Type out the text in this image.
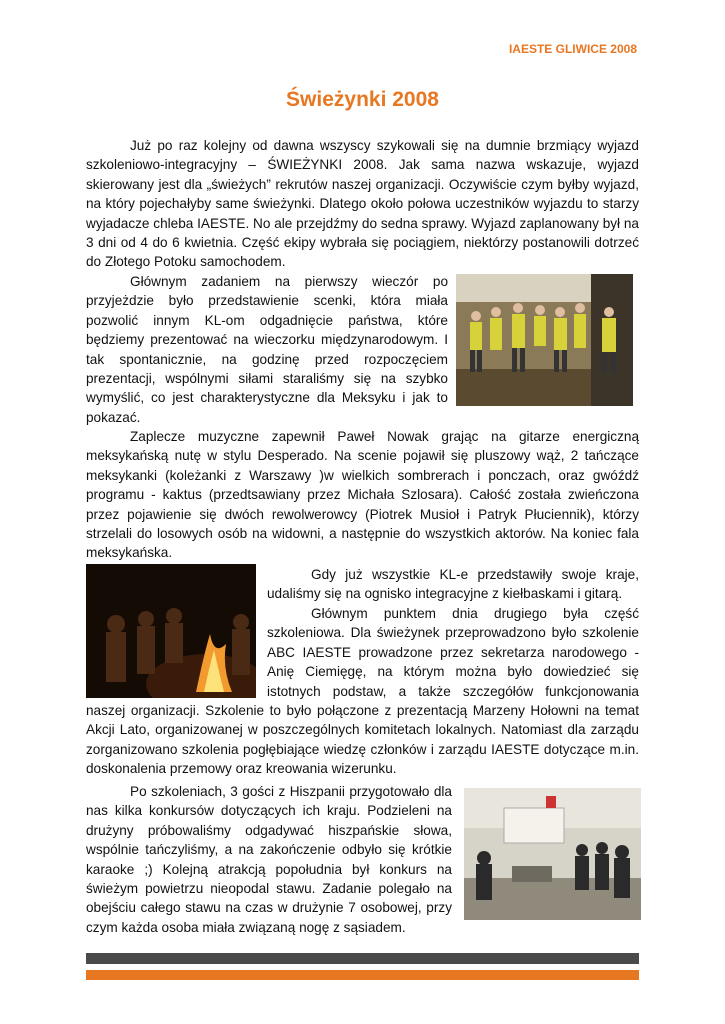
IAESTE GLIWICE 2008
Świeżynki 2008

Już po raz kolejny od dawna wszyscy szykowali się na dumnie brzmiący wyjazd szkoleniowo-integracyjny – ŚWIEŻYNKI 2008. Jak sama nazwa wskazuje, wyjazd skierowany jest dla „świeżych” rekrutów naszej organizacji. Oczywiście czym byłby wyjazd, na który pojechałyby same świeżynki. Dlatego około połowa uczestników wyjazdu to starzy wyjadacze chleba IAESTE. No ale przejdźmy do sedna sprawy. Wyjazd zaplanowany był na 3 dni od 4 do 6 kwietnia. Część ekipy wybrała się pociągiem, niektórzy postanowili dotrzeć do Złotego Potoku samochodem.

Głównym zadaniem na pierwszy wieczór po przyjeżdzie było przedstawienie scenki, która miała pozwolić innym KL-om odgadnięcie państwa, które będziemy prezentować na wieczorku międzynarodowym. I tak spontanicznie, na godzinę przed rozpoczęciem prezentacji, wspólnymi siłami staraliśmy się na szybko wymyślić, co jest charakterystyczne dla Meksyku i jak to pokazać.

Zaplecze muzyczne zapewnił Paweł Nowak grając na gitarze energiczną meksykańską nutę w stylu Desperado. Na scenie pojawił się pluszowy wąż, 2 tańczące meksykanki (koleżanki z Warszawy )w wielkich sombrerach i ponczach, oraz gwóźdź programu - kaktus (przedtsawiany przez Michała Szlosara). Całość została zwieńczona przez pojawienie się dwóch rewolwerowcy (Piotrek Musioł i Patryk Płuciennik), którzy strzelali do losowych osób na widowni, a następnie do wszystkich aktorów. Na koniec fala meksykańska.

Gdy już wszystkie KL-e przedstawiły swoje kraje, udaliśmy się na ognisko integracyjne z kiełbaskami i gitarą.

Głównym punktem dnia drugiego była część szkoleniowa. Dla świeżynek przeprowadzono było szkolenie ABC IAESTE prowadzone przez sekretarza narodowego - Anię Ciemięgę, na którym można było dowiedzieć się istotnych podstaw, a także szczegółów funkcjonowania naszej organizacji. Szkolenie to było połączone z prezentacją Marzeny Hołowni na temat Akcji Lato, organizowanej w poszczególnych komitetach lokalnych. Natomiast dla zarządu zorganizowano szkolenia pogłębiające wiedzę członków i zarządu IAESTE dotyczące m.in. doskonalenia przemowy oraz kreowania wizerunku.

Po szkoleniach, 3 gości z Hiszpanii przygotowało dla nas kilka konkursów dotyczących ich kraju. Podzieleni na drużyny próbowaliśmy odgadywać hiszpańskie słowa, wspólnie tańczyliśmy, a na zakończenie odbyło się krótkie karaoke ;) Kolejną atrakcją popołudnia był konkurs na świeżym powietrzu nieopodal stawu. Zadanie polegało na obejściu całego stawu na czas w drużynie 7 osobowej, przy czym każda osoba miała związaną nogę z sąsiadem.
